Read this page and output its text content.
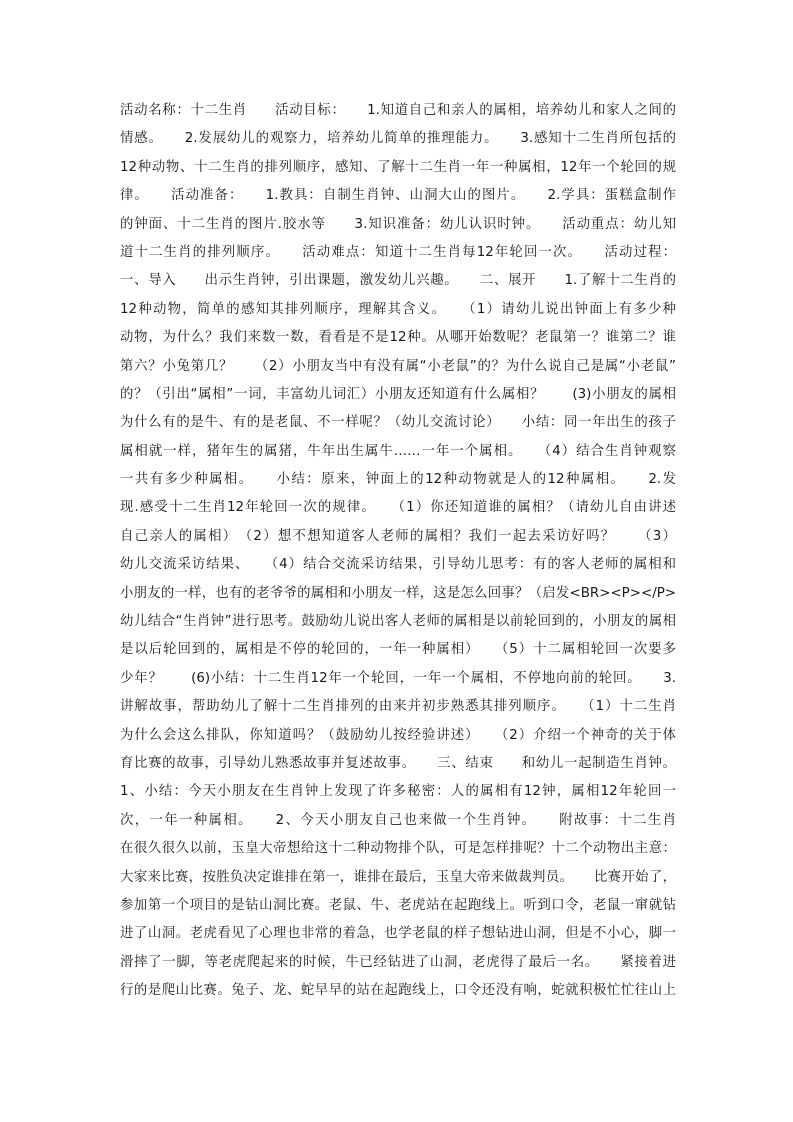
活动名称：十二生肖　　活动目标：　　1.知道自己和亲人的属相，培养幼儿和家人之间的
情感。　　2.发展幼儿的观察力，培养幼儿简单的推理能力。　　3.感知十二生肖所包括的
12种动物、十二生肖的排列顺序，感知、了解十二生肖一年一种属相，12年一个轮回的规
律。　　活动准备：　　1.教具：自制生肖钟、山洞大山的图片。　　2.学具：蛋糕盒制作
的钟面、十二生肖的图片.胶水等　　3.知识准备：幼儿认识时钟。　　活动重点：幼儿知
道十二生肖的排列顺序。　　活动难点：知道十二生肖每12年轮回一次。　　活动过程：
一、导入　　出示生肖钟，引出课题，激发幼儿兴趣。　　二、展开　　1.了解十二生肖的
12种动物，简单的感知其排列顺序，理解其含义。　　（1）请幼儿说出钟面上有多少种
动物，为什么？我们来数一数，看看是不是12种。从哪开始数呢？老鼠第一？谁第二？谁
第六？小兔第几？　　（2）小朋友当中有没有属“小老鼠”的？为什么说自己是属“小老鼠”
的？（引出“属相”一词，丰富幼儿词汇）小朋友还知道有什么属相？　　(3)小朋友的属相
为什么有的是牛、有的是老鼠、不一样呢？（幼儿交流讨论）　　小结：同一年出生的孩子
属相就一样，猪年生的属猪，牛年出生属牛……一年一个属相。　　（4）结合生肖钟观察
一共有多少种属相。　　小结：原来，钟面上的12种动物就是人的12种属相。　　2.发
现.感受十二生肖12年轮回一次的规律。　　（1）你还知道谁的属相？（请幼儿自由讲述
自己亲人的属相）　（2）想不想知道客人老师的属相？我们一起去采访好吗？　　（3）
幼儿交流采访结果、　　（4）结合交流采访结果，引导幼儿思考：有的客人老师的属相和
小朋友的一样，也有的老爷爷的属相和小朋友一样，这是怎么回事？（启发<BR><P></P>
幼儿结合“生肖钟”进行思考。鼓励幼儿说出客人老师的属相是以前轮回到的，小朋友的属相
是以后轮回到的，属相是不停的轮回的，一年一种属相）　　（5）十二属相轮回一次要多
少年？　　(6)小结：十二生肖12年一个轮回，一年一个属相，不停地向前的轮回。　　3.
讲解故事，帮助幼儿了解十二生肖排列的由来并初步熟悉其排列顺序。　　（1）十二生肖
为什么会这么排队，你知道吗？（鼓励幼儿按经验讲述）　　（2）介绍一个神奇的关于体
育比赛的故事，引导幼儿熟悉故事并复述故事。　　三、结束　　和幼儿一起制造生肖钟。
1、小结：今天小朋友在生肖钟上发现了许多秘密：人的属相有12钟，属相12年轮回一
次，一年一种属相。　　2、今天小朋友自己也来做一个生肖钟。　　附故事：十二生肖
在很久很久以前，玉皇大帝想给这十二种动物排个队，可是怎样排呢？十二个动物出主意：
大家来比赛，按胜负决定谁排在第一，谁排在最后，玉皇大帝来做裁判员。　　比赛开始了，
参加第一个项目的是钻山洞比赛。老鼠、牛、老虎站在起跑线上。听到口令，老鼠一窜就钻
进了山洞。老虎看见了心理也非常的着急，也学老鼠的样子想钻进山洞，但是不小心，脚一
滑摔了一脚，等老虎爬起来的时候，牛已经钻进了山洞，老虎得了最后一名。　　紧接着进
行的是爬山比赛。兔子、龙、蛇早早的站在起跑线上，口令还没有响，蛇就积极忙忙往山上
